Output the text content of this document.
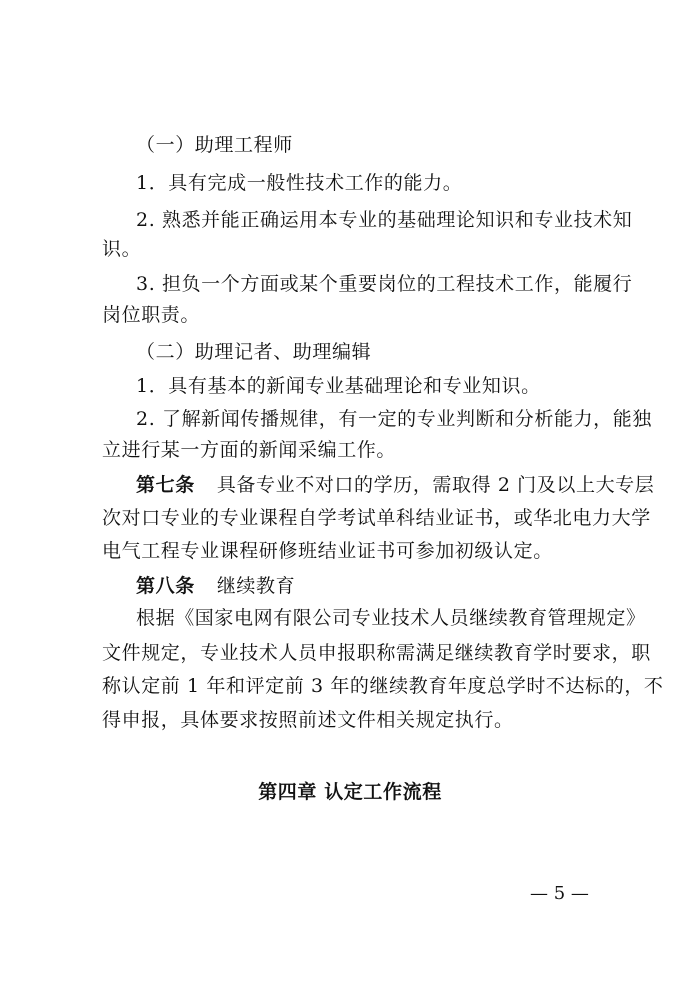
（一）助理工程师
1．具有完成一般性技术工作的能力。
2. 熟悉并能正确运用本专业的基础理论知识和专业技术知
识。
3. 担负一个方面或某个重要岗位的工程技术工作，能履行
岗位职责。
（二）助理记者、助理编辑
1．具有基本的新闻专业基础理论和专业知识。
2. 了解新闻传播规律，有一定的专业判断和分析能力，能独
立进行某一方面的新闻采编工作。
第七条 具备专业不对口的学历，需取得 2 门及以上大专层
次对口专业的专业课程自学考试单科结业证书，或华北电力大学
电气工程专业课程研修班结业证书可参加初级认定。
第八条 继续教育
根据《国家电网有限公司专业技术人员继续教育管理规定》
文件规定，专业技术人员申报职称需满足继续教育学时要求，职
称认定前 1 年和评定前 3 年的继续教育年度总学时不达标的，不
得申报，具体要求按照前述文件相关规定执行。
第四章 认定工作流程
— 5 —
